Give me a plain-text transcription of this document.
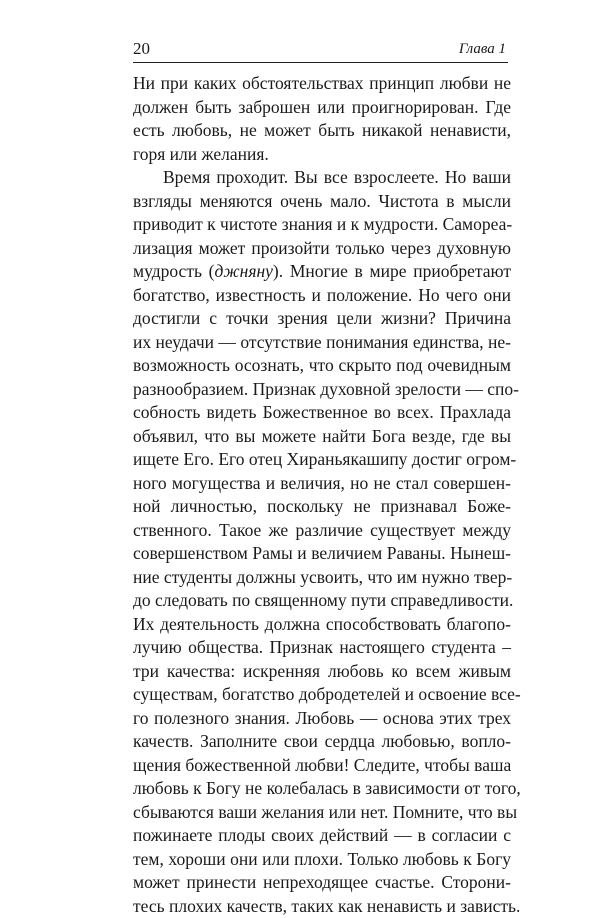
20	Глава 1
Ни при каких обстоятельствах принцип любви не
должен быть заброшен или проигнорирован. Где
есть любовь, не может быть никакой ненависти,
горя или желания.
Время проходит. Вы все взрослеете. Но ваши
взгляды меняются очень мало. Чистота в мысли
приводит к чистоте знания и к мудрости. Самореа-
лизация может произойти только через духовную
мудрость (джняну). Многие в мире приобретают
богатство, известность и положение. Но чего они
достигли с точки зрения цели жизни? Причина
их неудачи — отсутствие понимания единства, не-
возможность осознать, что скрыто под очевидным
разнообразием. Признак духовной зрелости — спо-
собность видеть Божественное во всех. Прахлада
объявил, что вы можете найти Бога везде, где вы
ищете Его. Его отец Хираньякашипу достиг огром-
ного могущества и величия, но не стал совершен-
ной личностью, поскольку не признавал Боже-
ственного. Такое же различие существует между
совершенством Рамы и величием Раваны. Нынеш-
ние студенты должны усвоить, что им нужно твер-
до следовать по священному пути справедливости.
Их деятельность должна способствовать благопо-
лучию общества. Признак настоящего студента –
три качества: искренняя любовь ко всем живым
существам, богатство добродетелей и освоение все-
го полезного знания. Любовь — основа этих трех
качеств. Заполните свои сердца любовью, вопло-
щения божественной любви! Следите, чтобы ваша
любовь к Богу не колебалась в зависимости от того,
сбываются ваши желания или нет. Помните, что вы
пожинаете плоды своих действий — в согласии с
тем, хороши они или плохи. Только любовь к Богу
может принести непреходящее счастье. Сторони-
тесь плохих качеств, таких как ненависть и зависть.
